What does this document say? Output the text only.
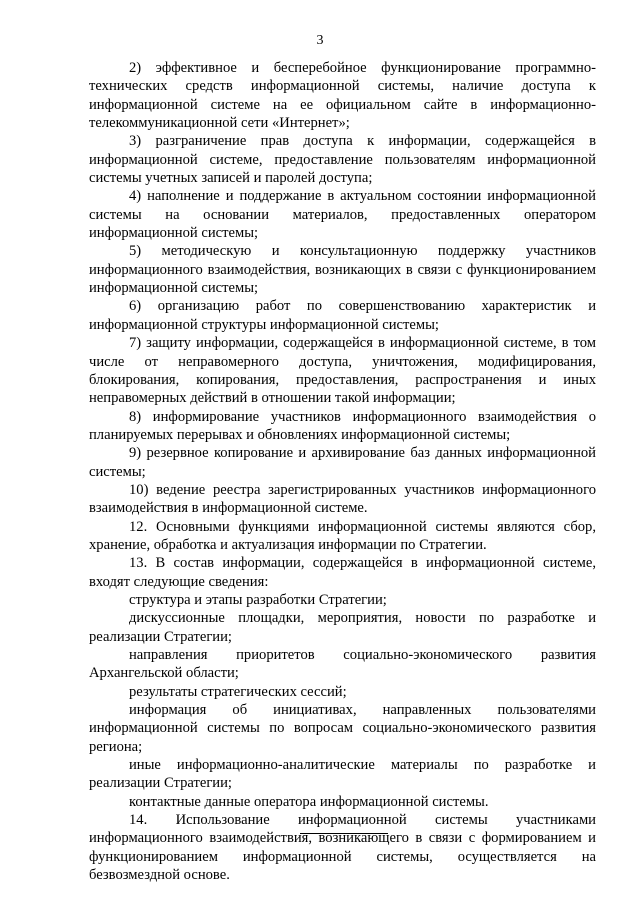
3

2) эффективное и бесперебойное функционирование программно-технических средств информационной системы, наличие доступа к информационной системе на ее официальном сайте в информационно-телекоммуникационной сети «Интернет»;

3) разграничение прав доступа к информации, содержащейся в информационной системе, предоставление пользователям информационной системы учетных записей и паролей доступа;

4) наполнение и поддержание в актуальном состоянии информационной системы на основании материалов, предоставленных оператором информационной системы;

5) методическую и консультационную поддержку участников информационного взаимодействия, возникающих в связи с функционированием информационной системы;

6) организацию работ по совершенствованию характеристик и информационной структуры информационной системы;

7) защиту информации, содержащейся в информационной системе, в том числе от неправомерного доступа, уничтожения, модифицирования, блокирования, копирования, предоставления, распространения и иных неправомерных действий в отношении такой информации;

8) информирование участников информационного взаимодействия о планируемых перерывах и обновлениях информационной системы;

9) резервное копирование и архивирование баз данных информационной системы;

10) ведение реестра зарегистрированных участников информационного взаимодействия в информационной системе.

12. Основными функциями информационной системы являются сбор, хранение, обработка и актуализация информации по Стратегии.

13. В состав информации, содержащейся в информационной системе, входят следующие сведения:

структура и этапы разработки Стратегии;

дискуссионные площадки, мероприятия, новости по разработке и реализации Стратегии;

направления приоритетов социально-экономического развития Архангельской области;

результаты стратегических сессий;

информация об инициативах, направленных пользователями информационной системы по вопросам социально-экономического развития региона;

иные информационно-аналитические материалы по разработке и реализации Стратегии;

контактные данные оператора информационной системы.

14. Использование информационной системы участниками информационного взаимодействия, возникающего в связи с формированием и функционированием информационной системы, осуществляется на безвозмездной основе.
